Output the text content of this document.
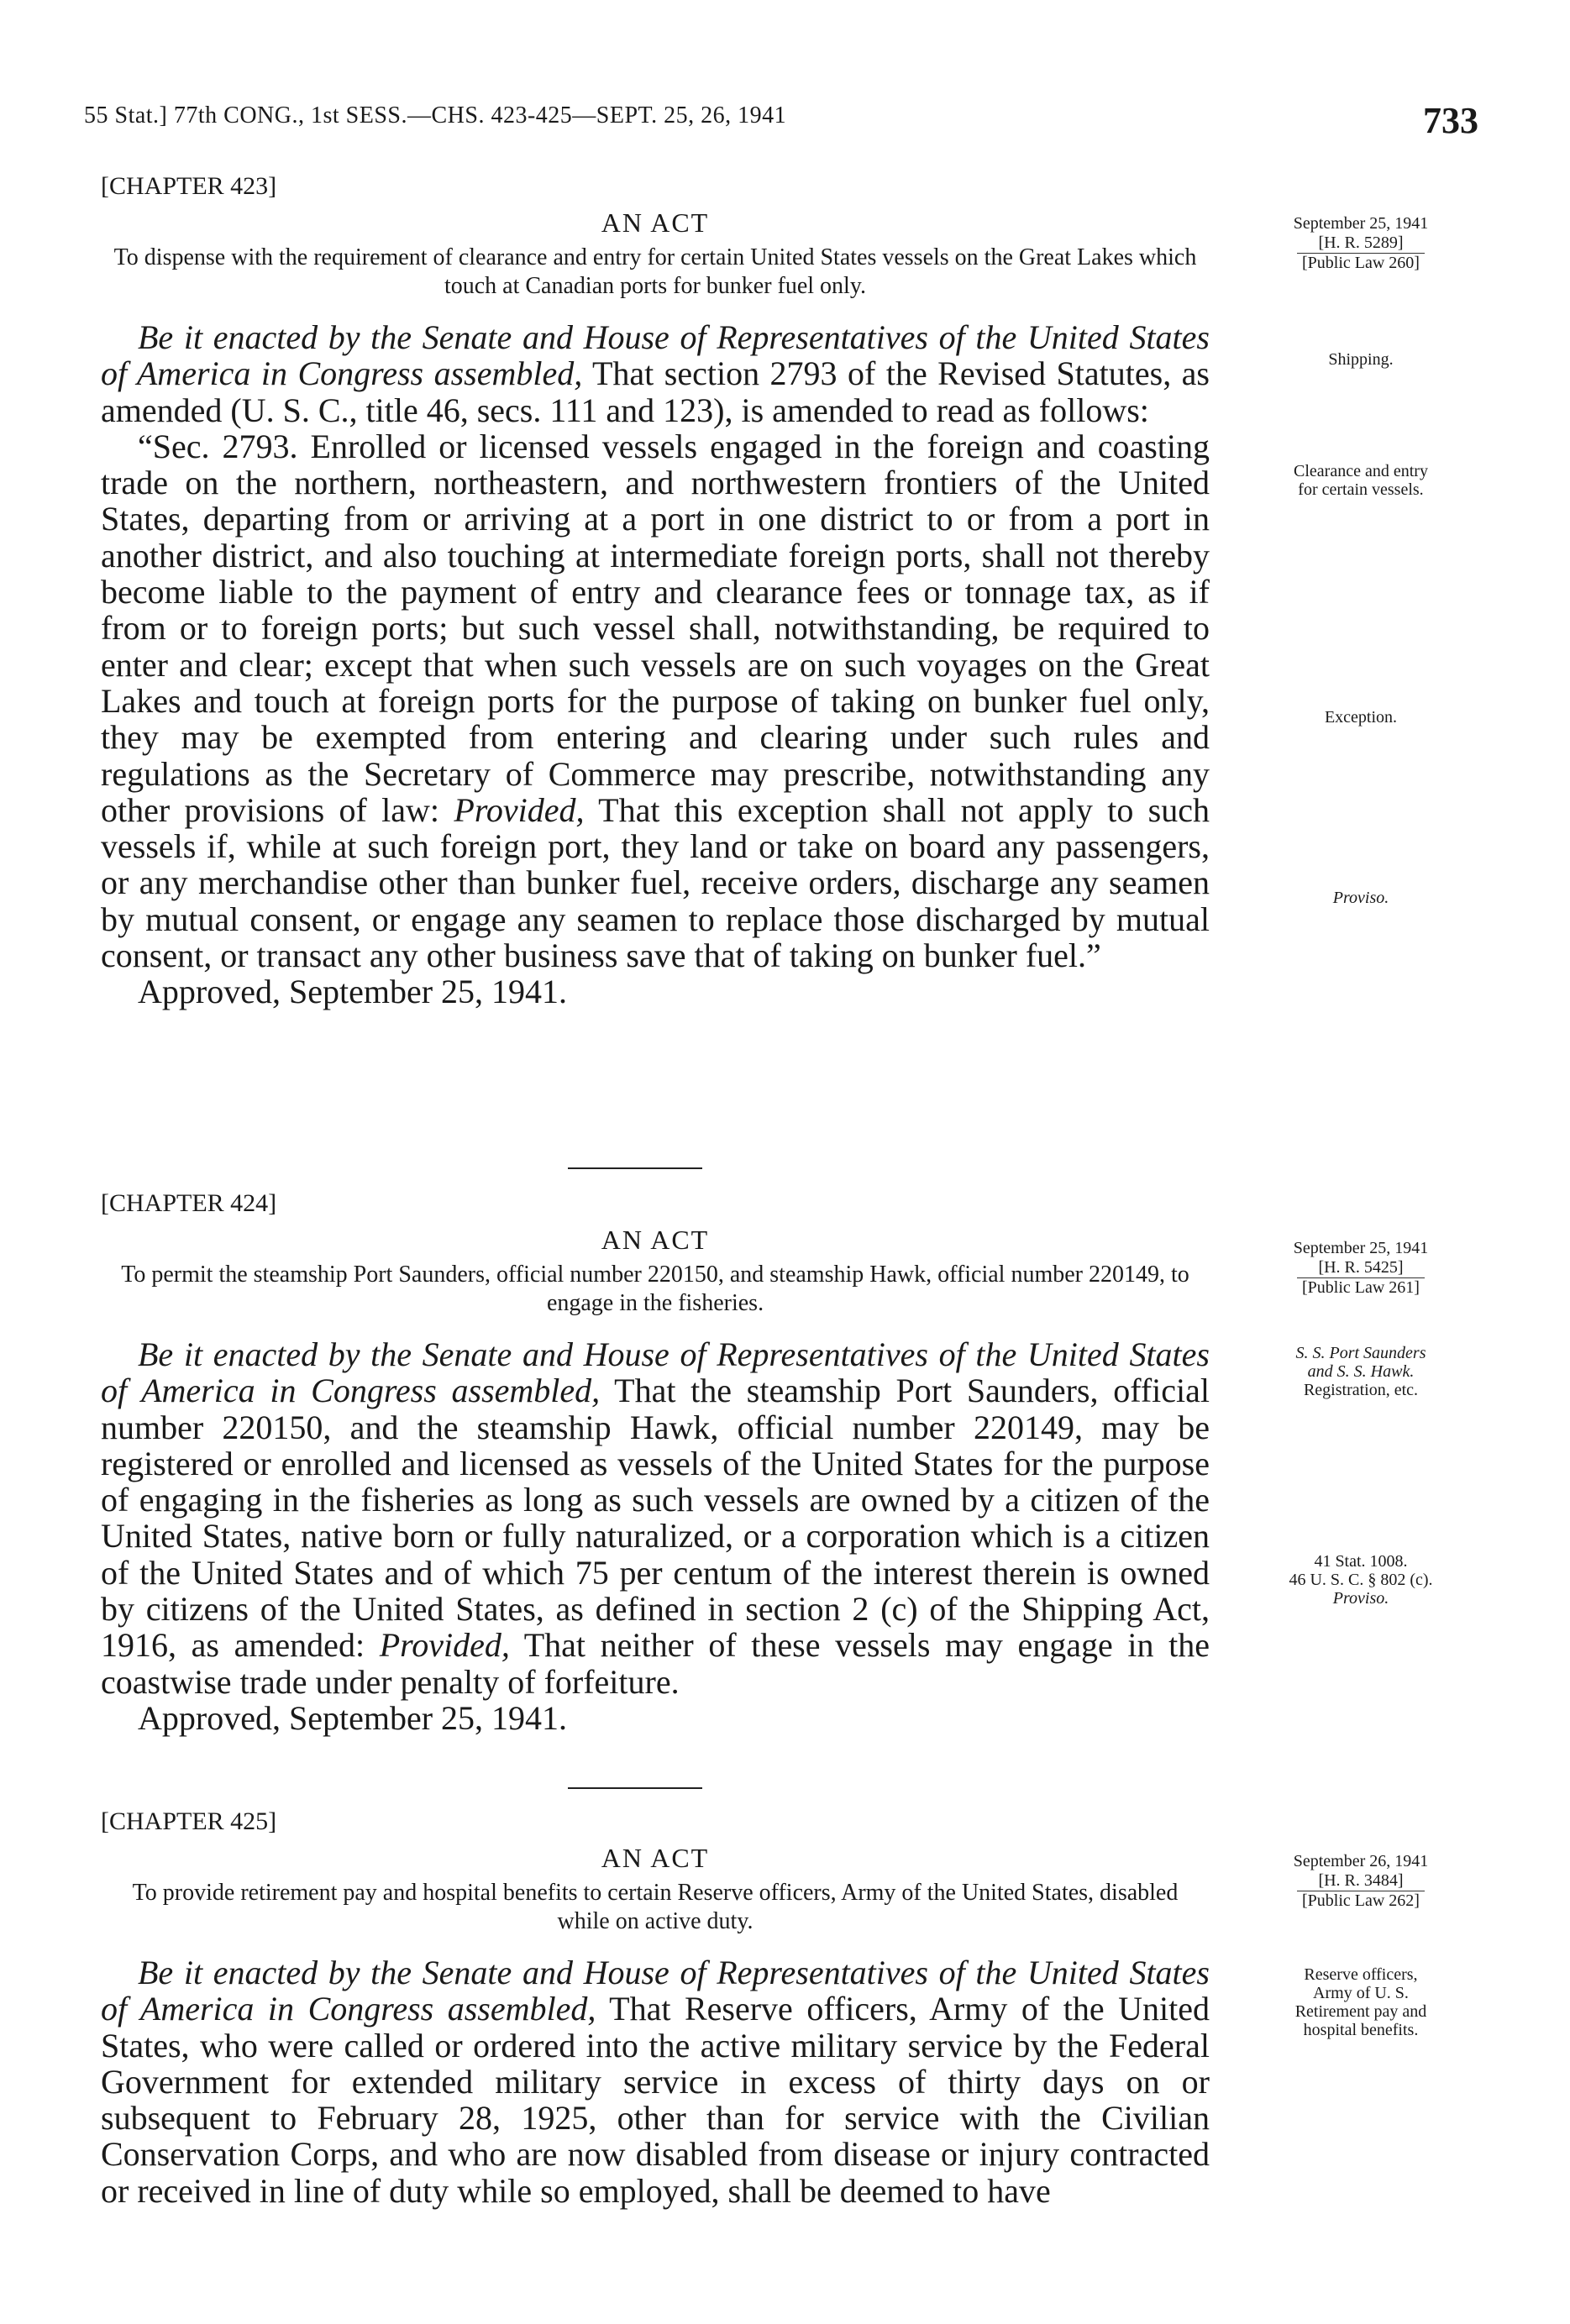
55 Stat.] 77th CONG., 1st SESS.—CHS. 423-425—SEPT. 25, 26, 1941	733
[CHAPTER 423]
AN ACT
To dispense with the requirement of clearance and entry for certain United States vessels on the Great Lakes which touch at Canadian ports for bunker fuel only.

Be it enacted by the Senate and House of Representatives of the United States of America in Congress assembled, That section 2793 of the Revised Statutes, as amended (U. S. C., title 46, secs. 111 and 123), is amended to read as follows:

“Sec. 2793. Enrolled or licensed vessels engaged in the foreign and coasting trade on the northern, northeastern, and northwestern frontiers of the United States, departing from or arriving at a port in one district to or from a port in another district, and also touching at intermediate foreign ports, shall not thereby become liable to the payment of entry and clearance fees or tonnage tax, as if from or to foreign ports; but such vessel shall, notwithstanding, be required to enter and clear; except that when such vessels are on such voyages on the Great Lakes and touch at foreign ports for the purpose of taking on bunker fuel only, they may be exempted from entering and clearing under such rules and regulations as the Secretary of Commerce may prescribe, notwithstanding any other provisions of law: Provided, That this exception shall not apply to such vessels if, while at such foreign port, they land or take on board any passengers, or any merchandise other than bunker fuel, receive orders, discharge any seamen by mutual consent, or engage any seamen to replace those discharged by mutual consent, or transact any other business save that of taking on bunker fuel.”

Approved, September 25, 1941.
September 25, 1941
[H. R. 5289]
[Public Law 260]
Shipping.
Clearance and entry
for certain vessels.
Exception.
Proviso.
[CHAPTER 424]
AN ACT
To permit the steamship Port Saunders, official number 220150, and steamship Hawk, official number 220149, to engage in the fisheries.

Be it enacted by the Senate and House of Representatives of the United States of America in Congress assembled, That the steamship Port Saunders, official number 220150, and the steamship Hawk, official number 220149, may be registered or enrolled and licensed as vessels of the United States for the purpose of engaging in the fisheries as long as such vessels are owned by a citizen of the United States, native born or fully naturalized, or a corporation which is a citizen of the United States and of which 75 per centum of the interest therein is owned by citizens of the United States, as defined in section 2 (c) of the Shipping Act, 1916, as amended: Provided, That neither of these vessels may engage in the coastwise trade under penalty of forfeiture.

Approved, September 25, 1941.
September 25, 1941
[H. R. 5425]
[Public Law 261]
S. S. Port Saunders
and S. S. Hawk.
Registration, etc.
41 Stat. 1008.
46 U. S. C. § 802 (c).
Proviso.
[CHAPTER 425]
AN ACT
To provide retirement pay and hospital benefits to certain Reserve officers, Army of the United States, disabled while on active duty.

Be it enacted by the Senate and House of Representatives of the United States of America in Congress assembled, That Reserve officers, Army of the United States, who were called or ordered into the active military service by the Federal Government for extended military service in excess of thirty days on or subsequent to February 28, 1925, other than for service with the Civilian Conservation Corps, and who are now disabled from disease or injury contracted or received in line of duty while so employed, shall be deemed to have

September 26, 1941
[H. R. 3484]
[Public Law 262]
Reserve officers,
Army of U. S.
Retirement pay and
hospital benefits.
